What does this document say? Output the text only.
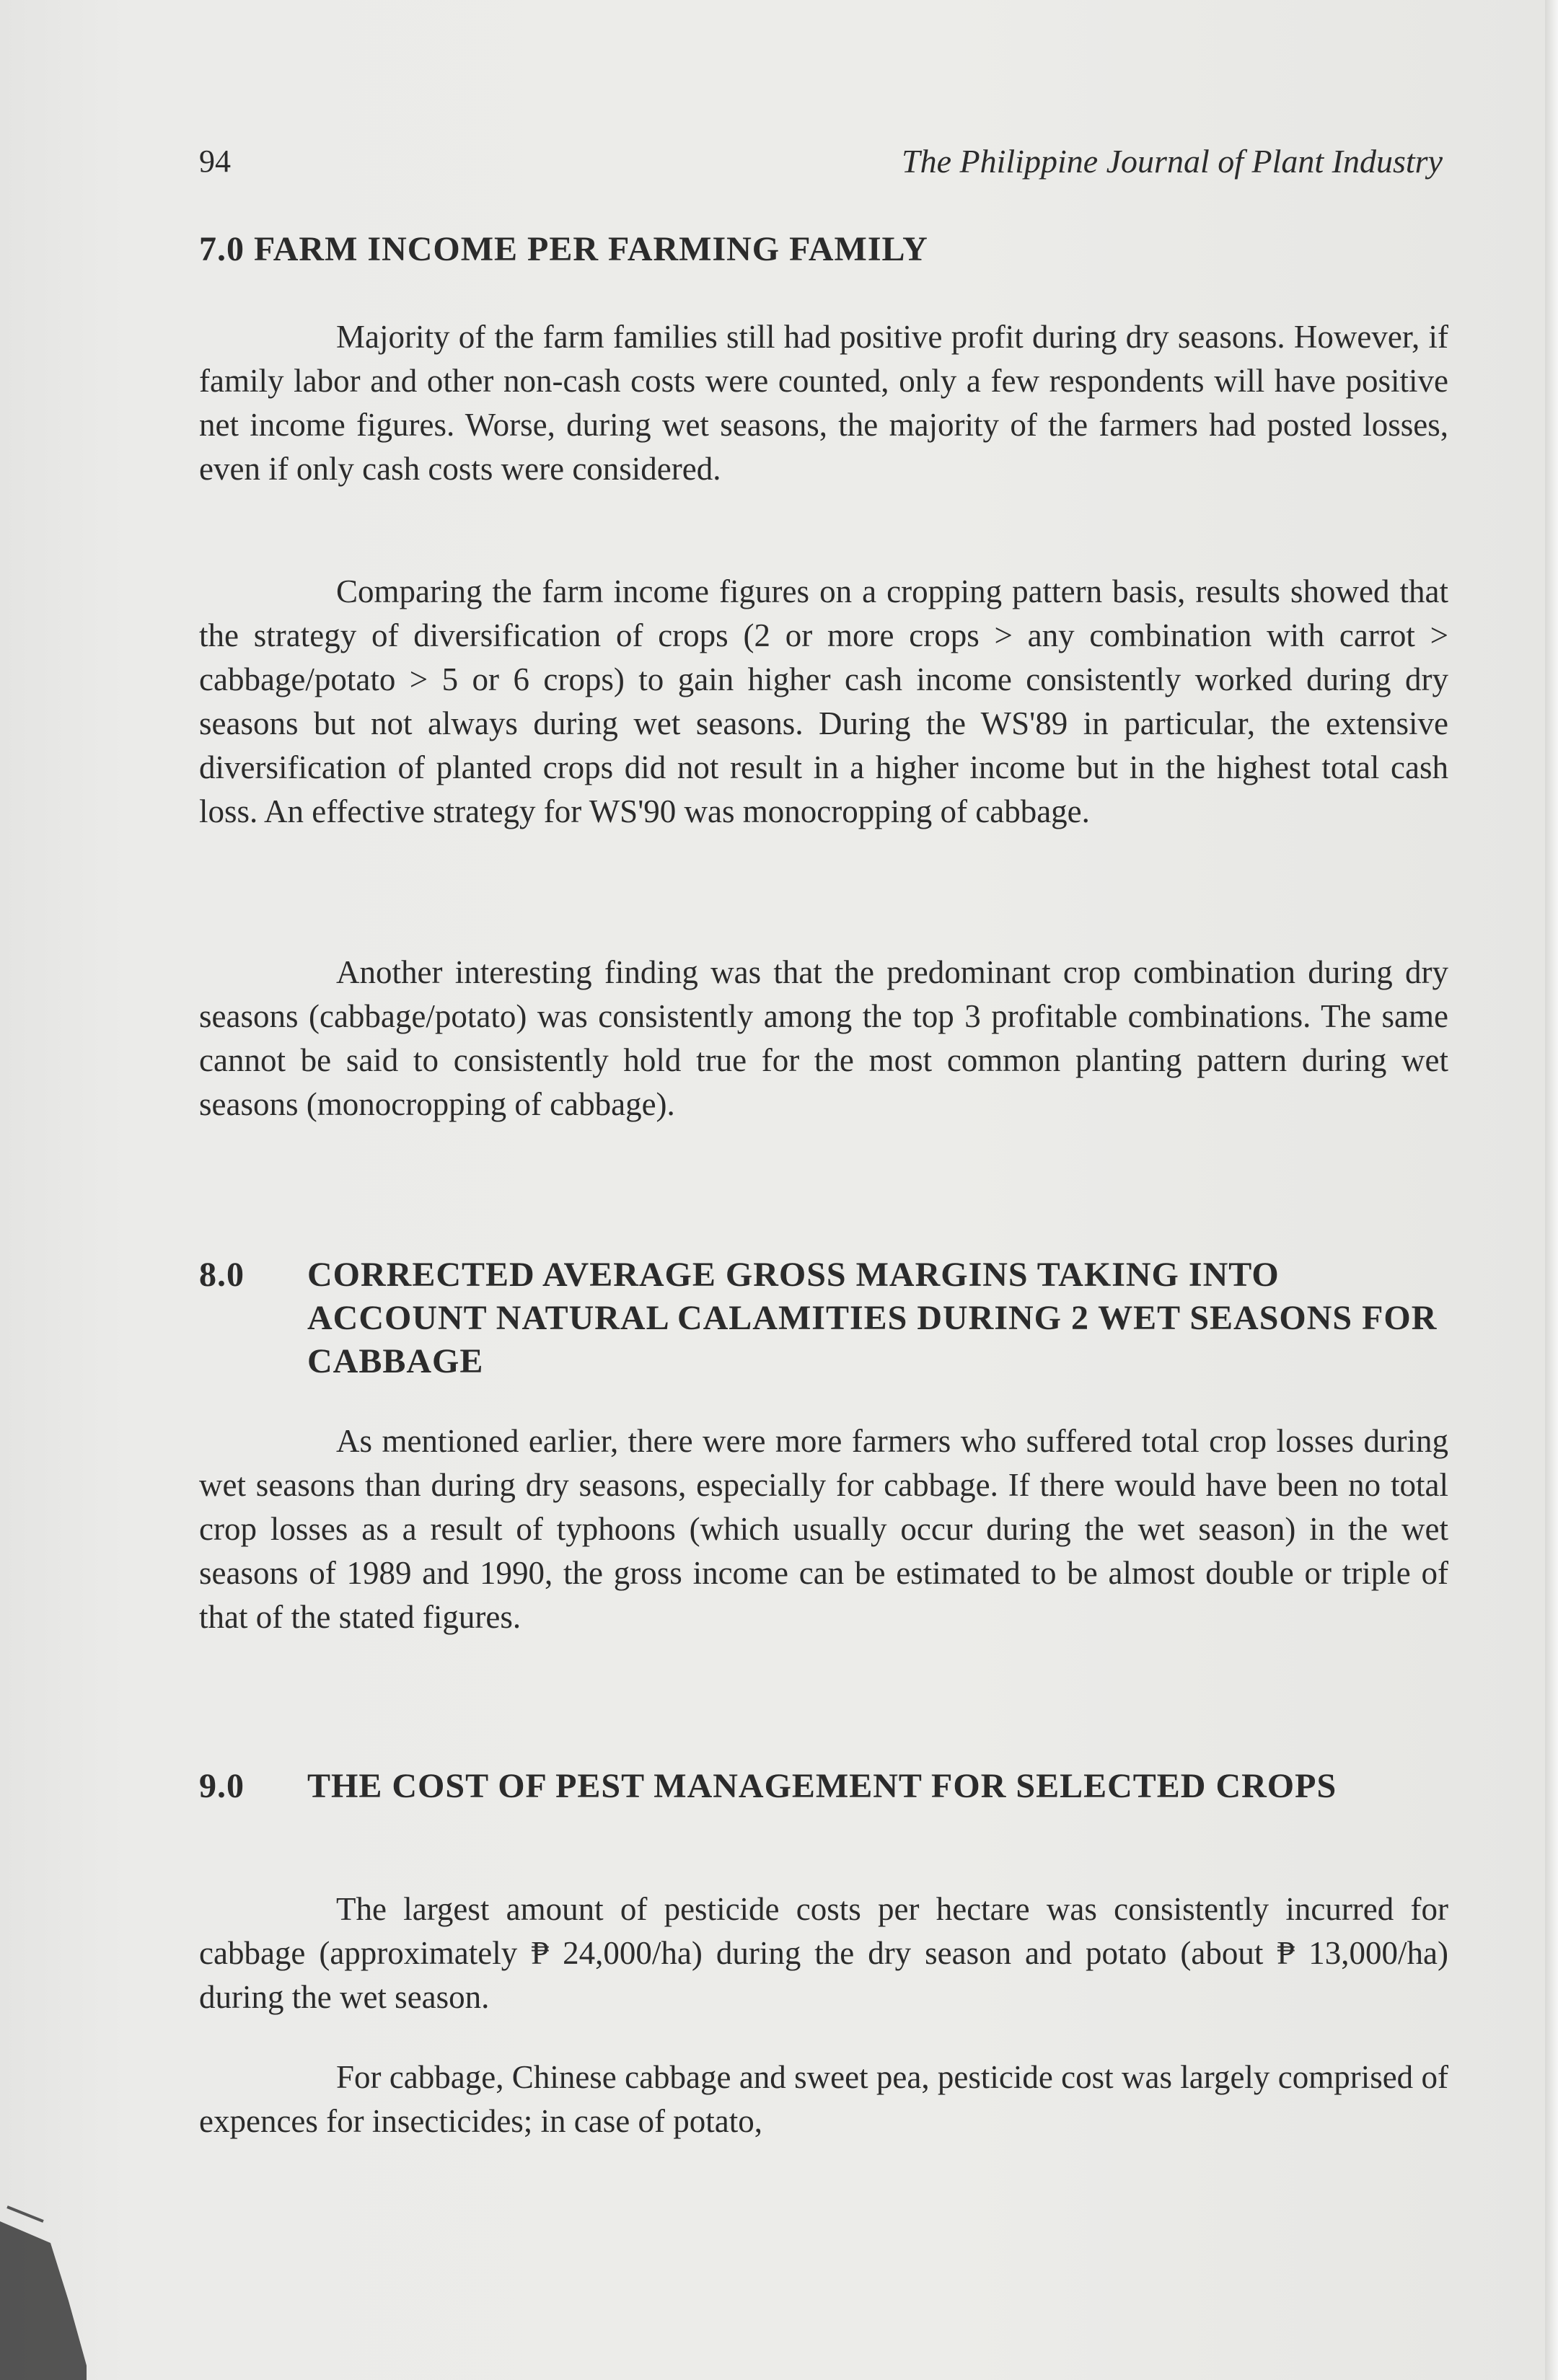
94	The Philippine Journal of Plant Industry
7.0 FARM INCOME PER FARMING FAMILY

Majority of the farm families still had positive profit during dry seasons. However, if family labor and other non-cash costs were counted, only a few respondents will have positive net income figures. Worse, during wet seasons, the majority of the farmers had posted losses, even if only cash costs were considered.

Comparing the farm income figures on a cropping pattern basis, results showed that the strategy of diversification of crops (2 or more crops > any combination with carrot > cabbage/potato > 5 or 6 crops) to gain higher cash income consistently worked during dry seasons but not always during wet seasons. During the WS'89 in particular, the extensive diversification of planted crops did not result in a higher income but in the highest total cash loss. An effective strategy for WS'90 was monocropping of cabbage.

Another interesting finding was that the predominant crop combination during dry seasons (cabbage/potato) was consistently among the top 3 profitable combinations. The same cannot be said to consistently hold true for the most common planting pattern during wet seasons (monocropping of cabbage).

8.0 CORRECTED AVERAGE GROSS MARGINS TAKING INTO ACCOUNT NATURAL CALAMITIES DURING 2 WET SEASONS FOR CABBAGE

As mentioned earlier, there were more farmers who suffered total crop losses during wet seasons than during dry seasons, especially for cabbage. If there would have been no total crop losses as a result of typhoons (which usually occur during the wet season) in the wet seasons of 1989 and 1990, the gross income can be estimated to be almost double or triple of that of the stated figures.

9.0 THE COST OF PEST MANAGEMENT FOR SELECTED CROPS

The largest amount of pesticide costs per hectare was consistently incurred for cabbage (approximately ₱ 24,000/ha) during the dry season and potato (about ₱ 13,000/ha) during the wet season.

For cabbage, Chinese cabbage and sweet pea, pesticide cost was largely comprised of expences for insecticides; in case of potato,
